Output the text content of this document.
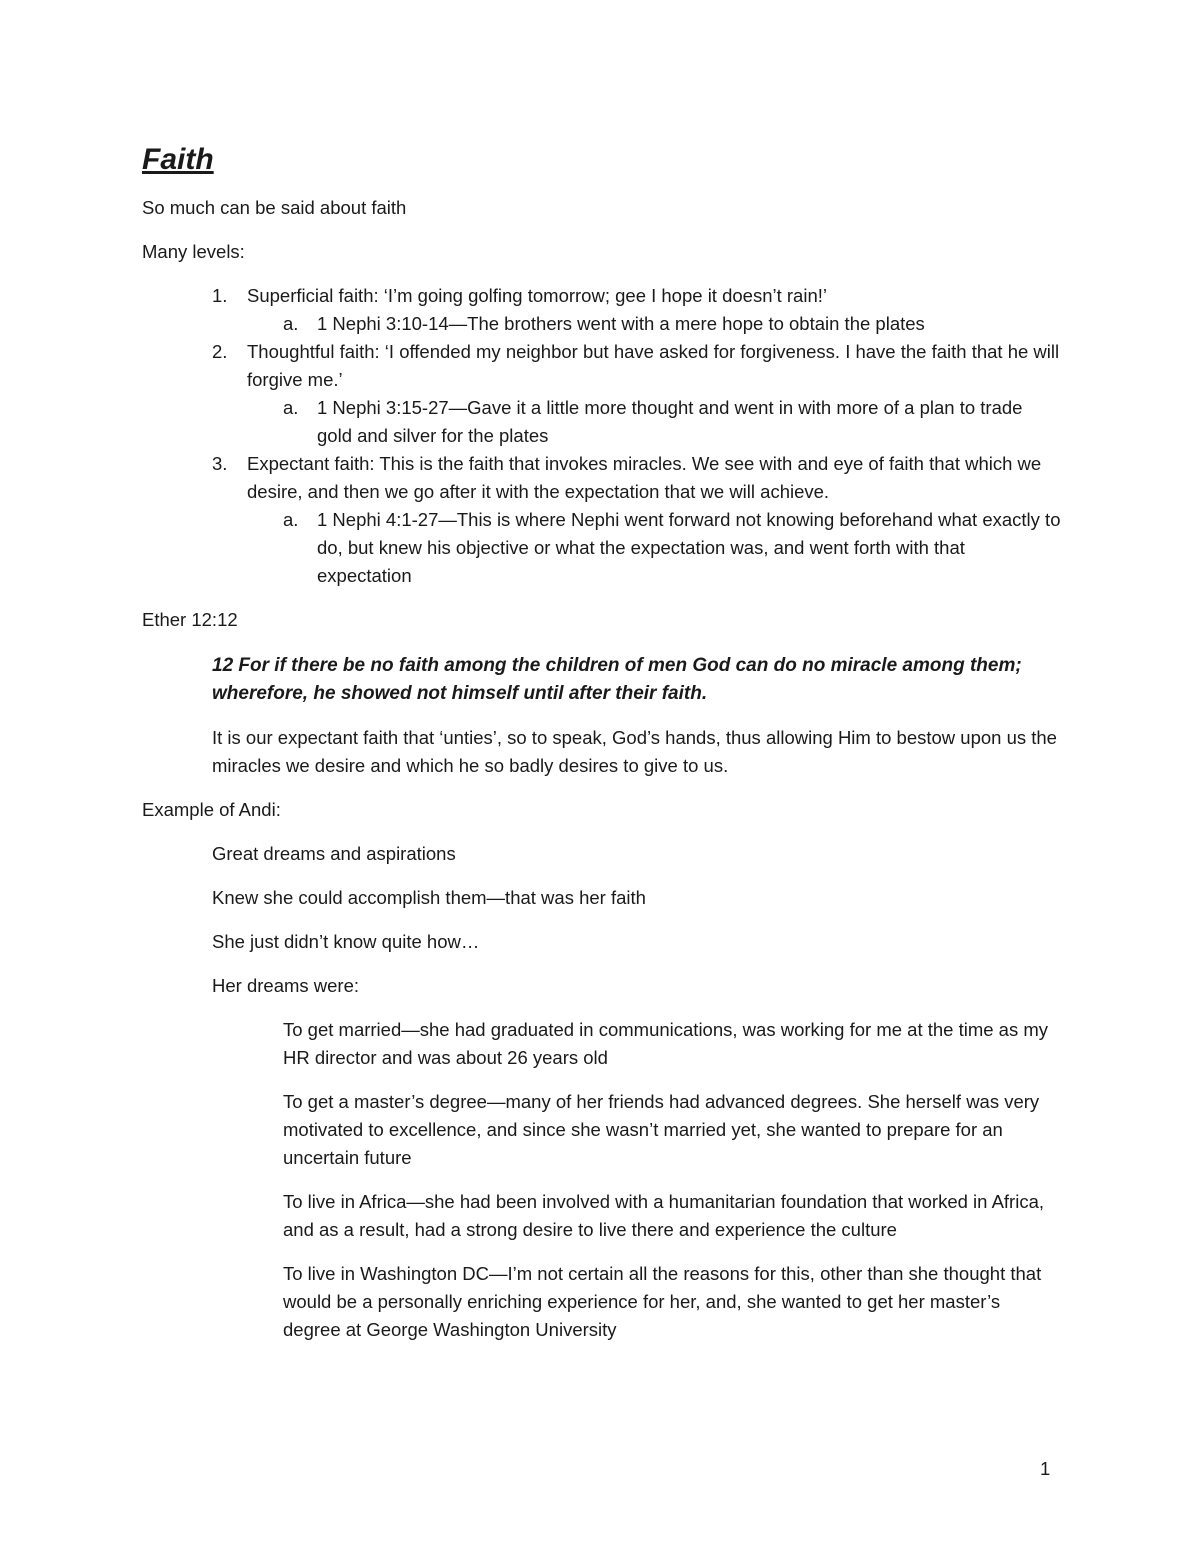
Faith

So much can be said about faith

Many levels:

1. Superficial faith: ‘I’m going golfing tomorrow; gee I hope it doesn’t rain!’
a. 1 Nephi 3:10-14—The brothers went with a mere hope to obtain the plates
2. Thoughtful faith: ‘I offended my neighbor but have asked for forgiveness. I have the faith that he will forgive me.’
a. 1 Nephi 3:15-27—Gave it a little more thought and went in with more of a plan to trade gold and silver for the plates
3. Expectant faith: This is the faith that invokes miracles. We see with and eye of faith that which we desire, and then we go after it with the expectation that we will achieve.
a. 1 Nephi 4:1-27—This is where Nephi went forward not knowing beforehand what exactly to do, but knew his objective or what the expectation was, and went forth with that expectation

Ether 12:12

12 For if there be no faith among the children of men God can do no miracle among them; wherefore, he showed not himself until after their faith.

It is our expectant faith that ‘unties’, so to speak, God’s hands, thus allowing Him to bestow upon us the miracles we desire and which he so badly desires to give to us.

Example of Andi:

Great dreams and aspirations

Knew she could accomplish them—that was her faith

She just didn’t know quite how…

Her dreams were:

To get married—she had graduated in communications, was working for me at the time as my HR director and was about 26 years old

To get a master’s degree—many of her friends had advanced degrees. She herself was very motivated to excellence, and since she wasn’t married yet, she wanted to prepare for an uncertain future

To live in Africa—she had been involved with a humanitarian foundation that worked in Africa, and as a result, had a strong desire to live there and experience the culture

To live in Washington DC—I’m not certain all the reasons for this, other than she thought that would be a personally enriching experience for her, and, she wanted to get her master’s degree at George Washington University

1
